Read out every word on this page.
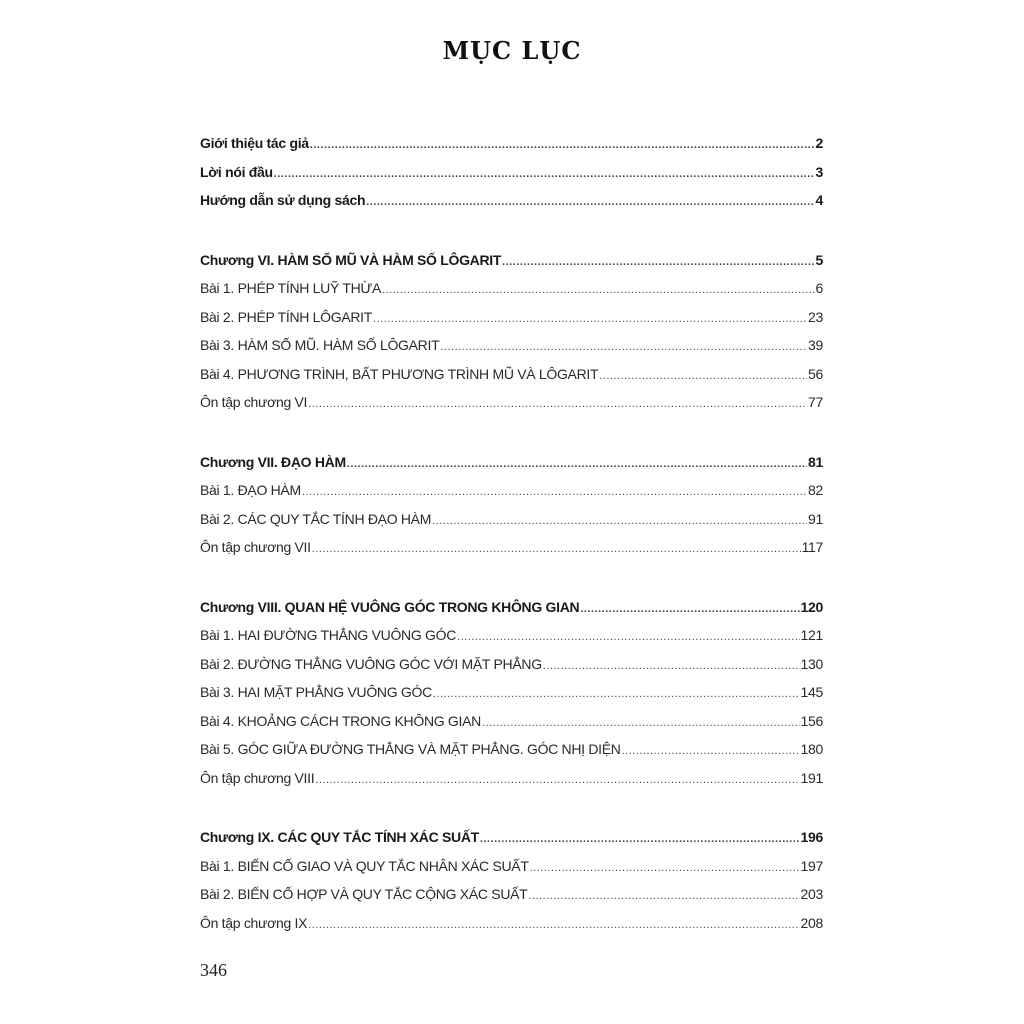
MỤC LỤC
Giới thiệu tác giả .....	2
Lời nói đầu .....	3
Hướng dẫn sử dụng sách .....	4
Chương VI. HÀM SỐ MŨ VÀ HÀM SỐ LÔGARIT .....	5
Bài 1. PHÉP TÍNH LUỸ THỪA .....	6
Bài 2. PHÉP TÍNH LÔGARIT .....	23
Bài 3. HÀM SỐ MŨ. HÀM SỐ LÔGARIT .....	39
Bài 4. PHƯƠNG TRÌNH, BẤT PHƯƠNG TRÌNH MŨ VÀ LÔGARIT .....	56
Ôn tập chương VI .....	77
Chương VII. ĐẠO HÀM .....	81
Bài 1. ĐẠO HÀM .....	82
Bài 2. CÁC QUY TẮC TÍNH ĐẠO HÀM .....	91
Ôn tập chương VII .....	117
Chương VIII. QUAN HỆ VUÔNG GÓC TRONG KHÔNG GIAN .....	120
Bài 1. HAI ĐƯỜNG THẲNG VUÔNG GÓC .....	121
Bài 2. ĐƯỜNG THẲNG VUÔNG GÓC VỚI MẶT PHẲNG .....	130
Bài 3. HAI MẶT PHẲNG VUÔNG GÓC .....	145
Bài 4. KHOẢNG CÁCH TRONG KHÔNG GIAN .....	156
Bài 5. GÓC GIỮA ĐƯỜNG THẲNG VÀ MẶT PHẲNG. GÓC NHỊ DIỆN .....	180
Ôn tập chương VIII .....	191
Chương IX. CÁC QUY TẮC TÍNH XÁC SUẤT .....	196
Bài 1. BIẾN CỐ GIAO VÀ QUY TẮC NHÂN XÁC SUẤT .....	197
Bài 2. BIẾN CỐ HỢP VÀ QUY TẮC CỘNG XÁC SUẤT .....	203
Ôn tập chương IX .....	208
346
